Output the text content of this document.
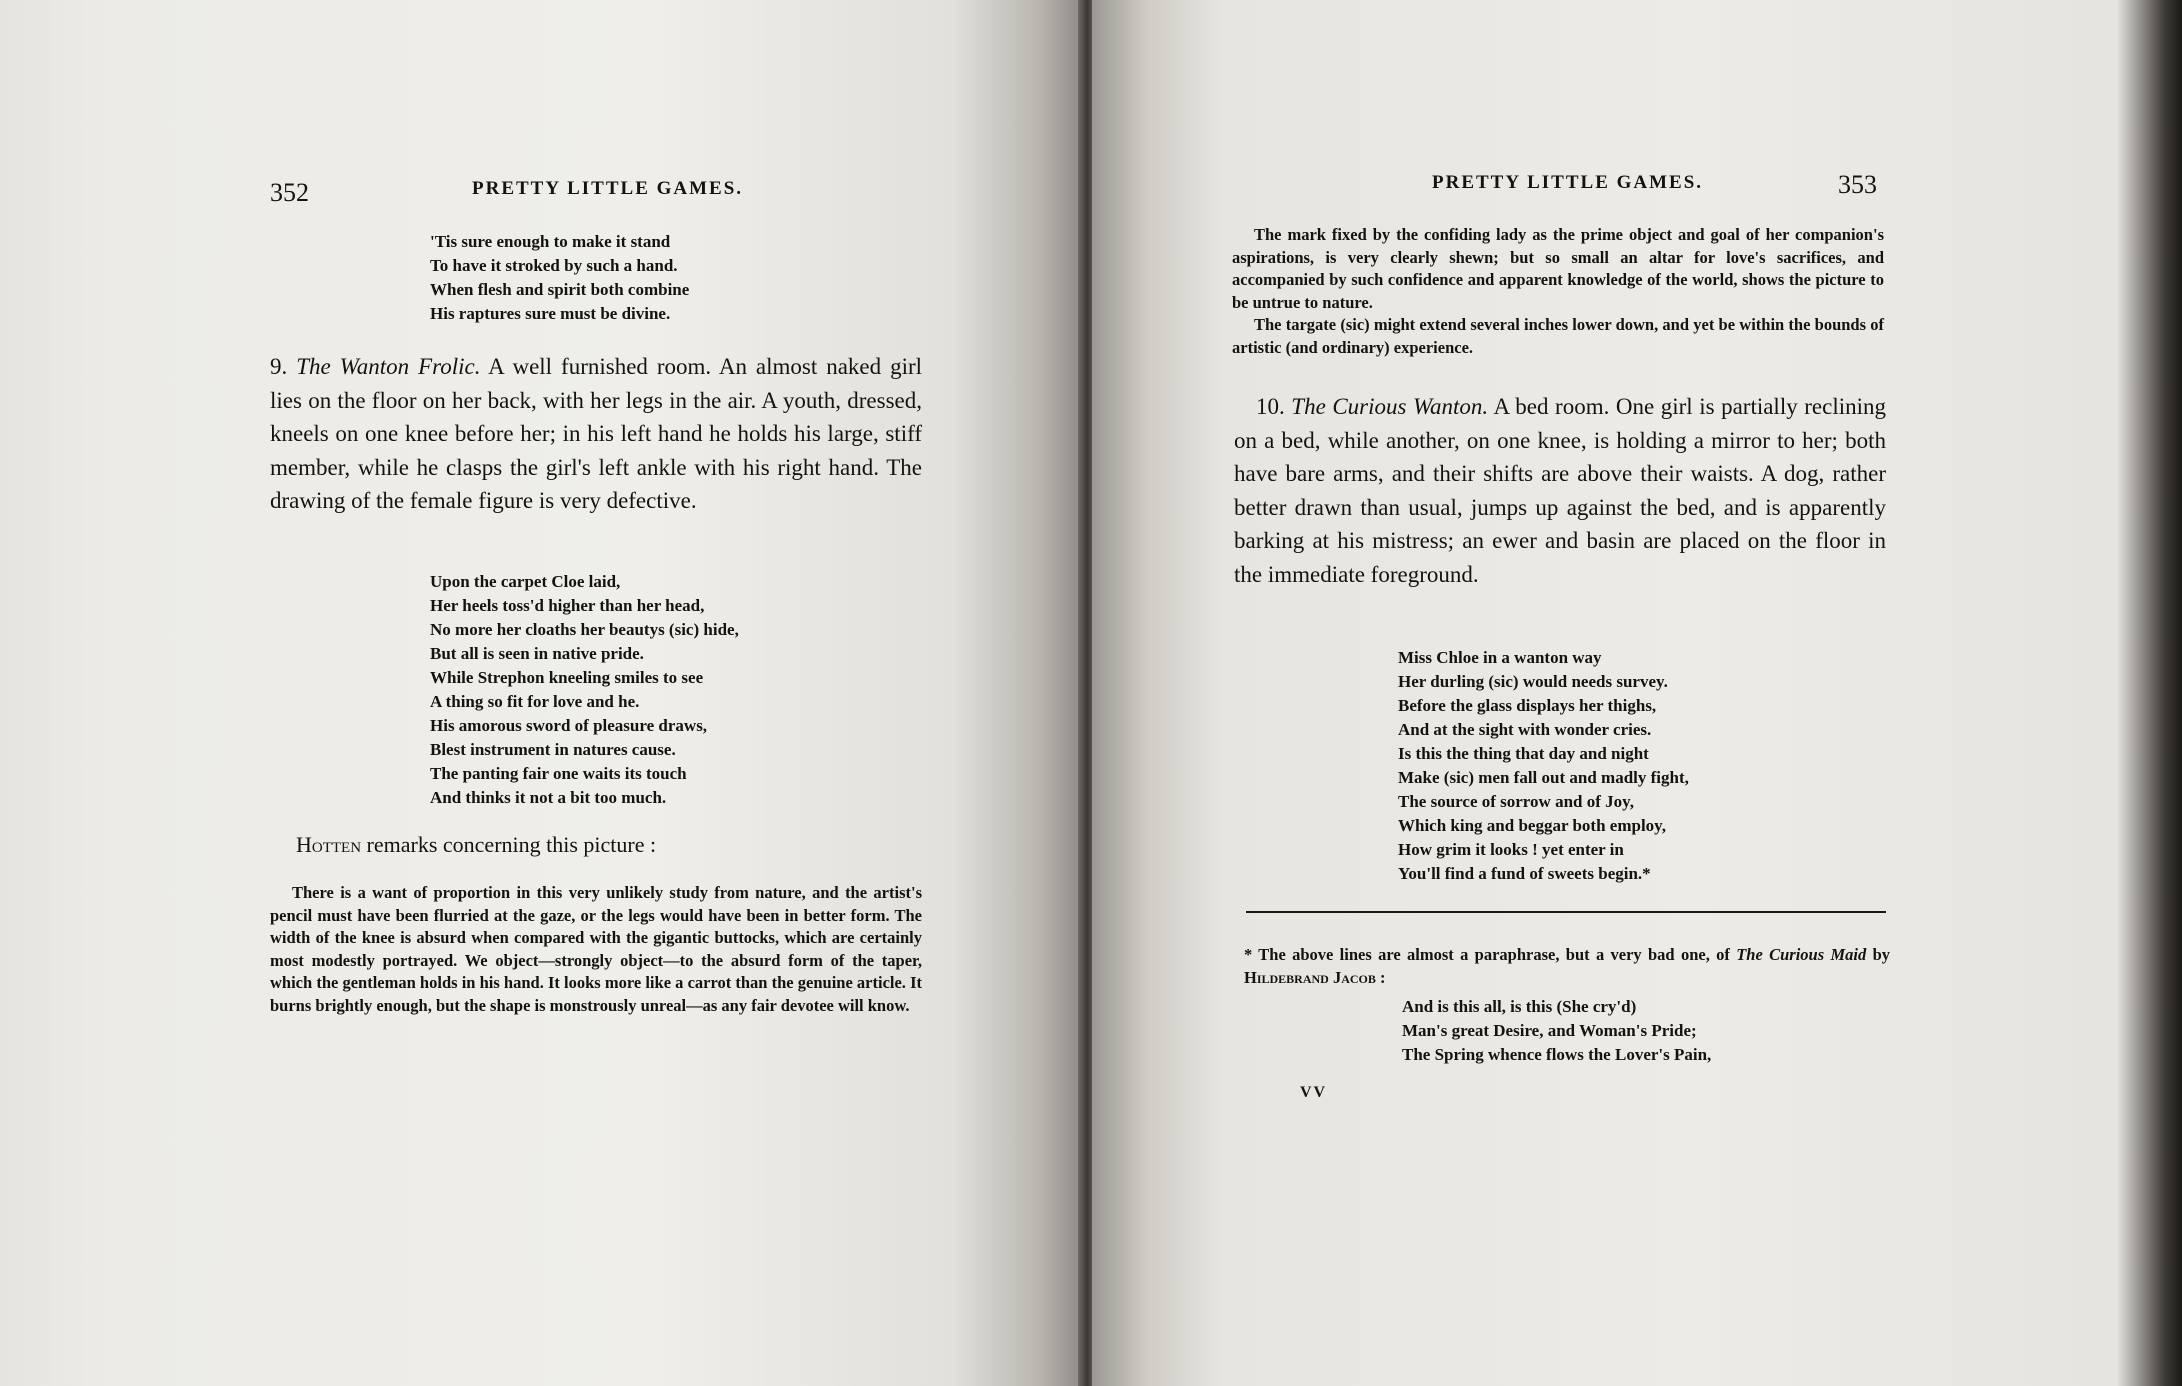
352	PRETTY LITTLE GAMES.
'Tis sure enough to make it stand
To have it stroked by such a hand.
When flesh and spirit both combine
His raptures sure must be divine.
9. The Wanton Frolic. A well furnished room. An almost naked girl lies on the floor on her back, with her legs in the air. A youth, dressed, kneels on one knee before her; in his left hand he holds his large, stiff member, while he clasps the girl's left ankle with his right hand. The drawing of the female figure is very defective.
Upon the carpet Cloe laid,
Her heels toss'd higher than her head,
No more her cloaths her beautys (sic) hide,
But all is seen in native pride.
While Strephon kneeling smiles to see
A thing so fit for love and he.
His amorous sword of pleasure draws,
Blest instrument in natures cause.
The panting fair one waits its touch
And thinks it not a bit too much.
Hotten remarks concerning this picture :

There is a want of proportion in this very unlikely study from nature, and the artist's pencil must have been flurried at the gaze, or the legs would have been in better form. The width of the knee is absurd when compared with the gigantic buttocks, which are certainly most modestly portrayed. We object—strongly object—to the absurd form of the taper, which the gentleman holds in his hand. It looks more like a carrot than the genuine article. It burns brightly enough, but the shape is monstrously unreal—as any fair devotee will know.

PRETTY LITTLE GAMES.	353

The mark fixed by the confiding lady as the prime object and goal of her companion's aspirations, is very clearly shewn; but so small an altar for love's sacrifices, and accompanied by such confidence and apparent knowledge of the world, shows the picture to be untrue to nature.

The targate (sic) might extend several inches lower down, and yet be within the bounds of artistic (and ordinary) experience.

10. The Curious Wanton. A bed room. One girl is partially reclining on a bed, while another, on one knee, is holding a mirror to her; both have bare arms, and their shifts are above their waists. A dog, rather better drawn than usual, jumps up against the bed, and is apparently barking at his mistress; an ewer and basin are placed on the floor in the immediate foreground.
Miss Chloe in a wanton way
Her durling (sic) would needs survey.
Before the glass displays her thighs,
And at the sight with wonder cries.
Is this the thing that day and night
Make (sic) men fall out and madly fight,
The source of sorrow and of Joy,
Which king and beggar both employ,
How grim it looks ! yet enter in
You'll find a fund of sweets begin.*
* The above lines are almost a paraphrase, but a very bad one, of The Curious Maid by Hildebrand Jacob :
And is this all, is this (She cry'd)
Man's great Desire, and Woman's Pride;
The Spring whence flows the Lover's Pain,
VV
